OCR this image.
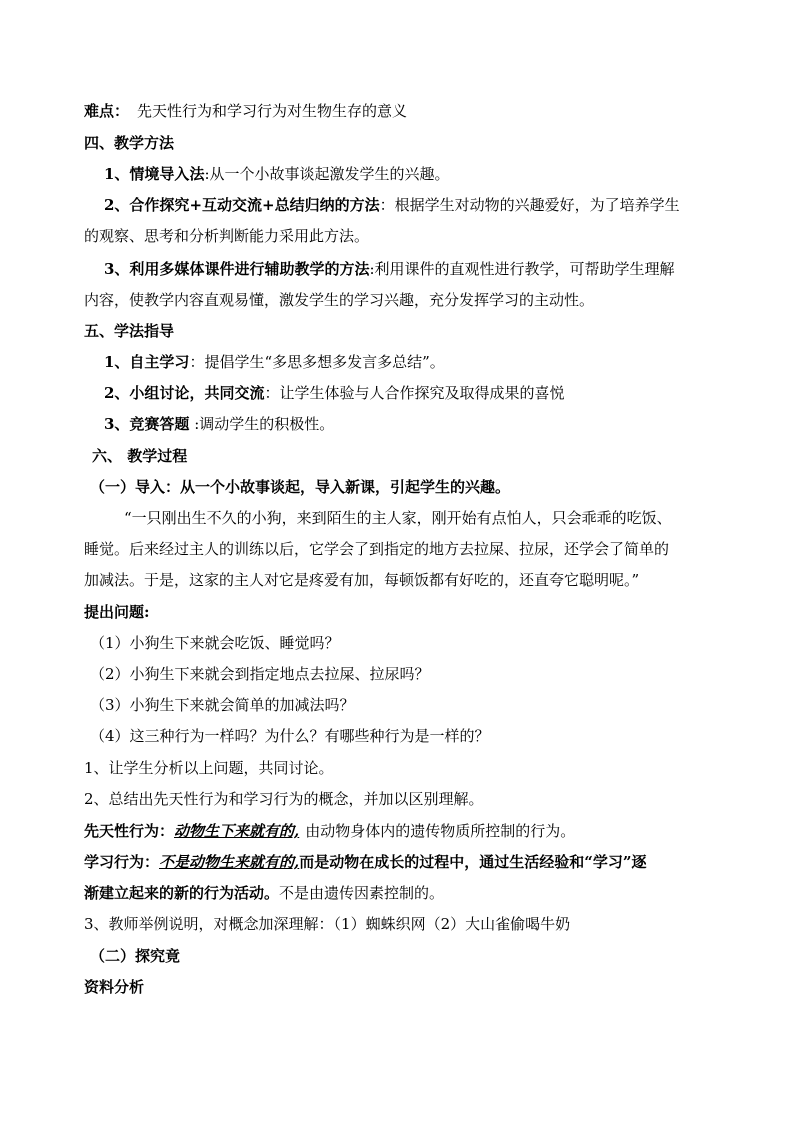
难点： 先天性行为和学习行为对生物生存的意义
四、教学方法
1、情境导入法:从一个小故事谈起激发学生的兴趣。
2、合作探究+互动交流+总结归纳的方法：根据学生对动物的兴趣爱好，为了培养学生
的观察、思考和分析判断能力采用此方法。
3、利用多媒体课件进行辅助教学的方法:利用课件的直观性进行教学，可帮助学生理解
内容，使教学内容直观易懂，激发学生的学习兴趣，充分发挥学习的主动性。
五、学法指导
1、自主学习：提倡学生“多思多想多发言多总结”。
2、小组讨论，共同交流：让学生体验与人合作探究及取得成果的喜悦
3、竞赛答题 :调动学生的积极性。
六、 教学过程
（一）导入：从一个小故事谈起，导入新课，引起学生的兴趣。
“一只刚出生不久的小狗，来到陌生的主人家，刚开始有点怕人，只会乖乖的吃饭、
睡觉。后来经过主人的训练以后，它学会了到指定的地方去拉屎、拉尿，还学会了简单的
加减法。于是，这家的主人对它是疼爱有加，每顿饭都有好吃的，还直夸它聪明呢。”
提出问题:
（1）小狗生下来就会吃饭、睡觉吗？
（2）小狗生下来就会到指定地点去拉屎、拉尿吗？
（3）小狗生下来就会简单的加减法吗？
（4）这三种行为一样吗？为什么？有哪些种行为是一样的？
1、让学生分析以上问题，共同讨论。
2、总结出先天性行为和学习行为的概念，并加以区别理解。
先天性行为：动物生下来就有的, 由动物身体内的遗传物质所控制的行为。
学习行为：不是动物生来就有的,而是动物在成长的过程中，通过生活经验和“学习”逐
渐建立起来的新的行为活动。不是由遗传因素控制的。
3、教师举例说明，对概念加深理解：（1）蜘蛛织网（2）大山雀偷喝牛奶
（二）探究竟
资料分析
